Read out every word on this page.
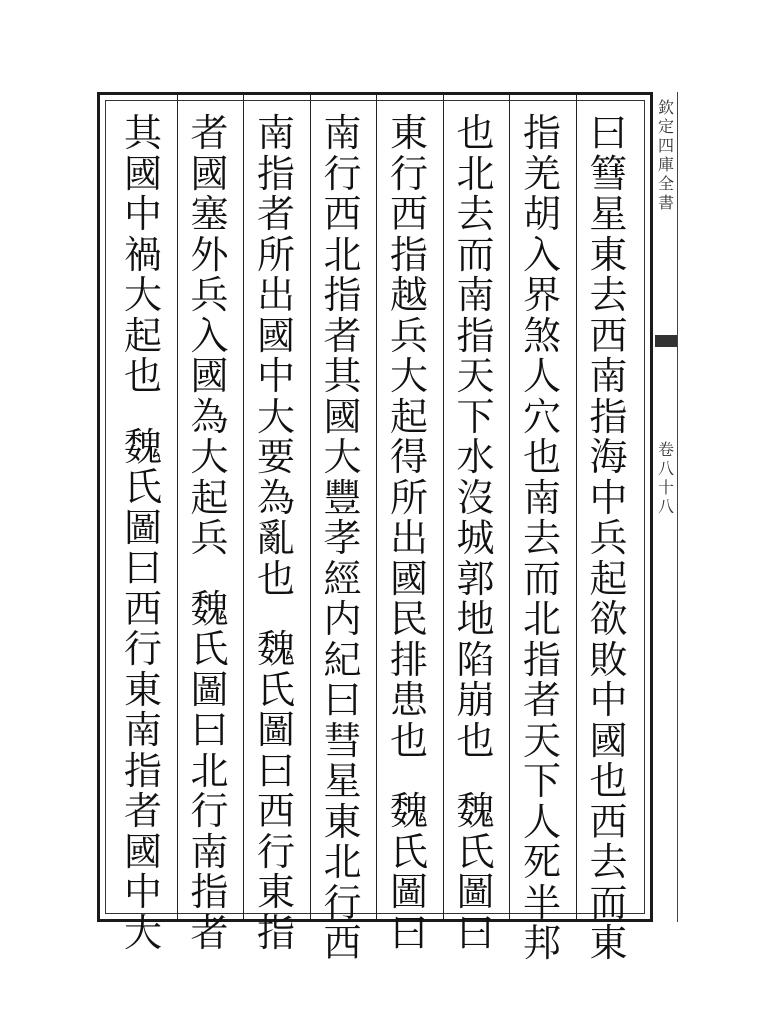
曰
篲
星
東
去
西
南
指
海
中
兵
起
欲
敗
中
國
也
西
去
而
東
指
羌
胡
入
界
煞
人
穴
也
南
去
而
北
指
者
天
下
人
死
半
邦
也
北
去
而
南
指
天
下
水
沒
城
郭
地
陷
崩
也
魏
氏
圖
曰
東
行
西
指
越
兵
大
起
得
所
出
國
民
排
患
也
魏
氏
圖
曰
南
行
西
北
指
者
其
國
大
豐
孝
經
内
紀
曰
彗
星
東
北
行
西
南
指
者
所
出
國
中
大
要
為
亂
也
魏
氏
圖
曰
西
行
東
指
者
國
塞
外
兵
入
國
為
大
起
兵
魏
氏
圖
曰
北
行
南
指
者
其
國
中
禍
大
起
也
魏
氏
圖
曰
西
行
東
南
指
者
國
中
大
欽
定
四
庫
全
書
卷
八
十
八
